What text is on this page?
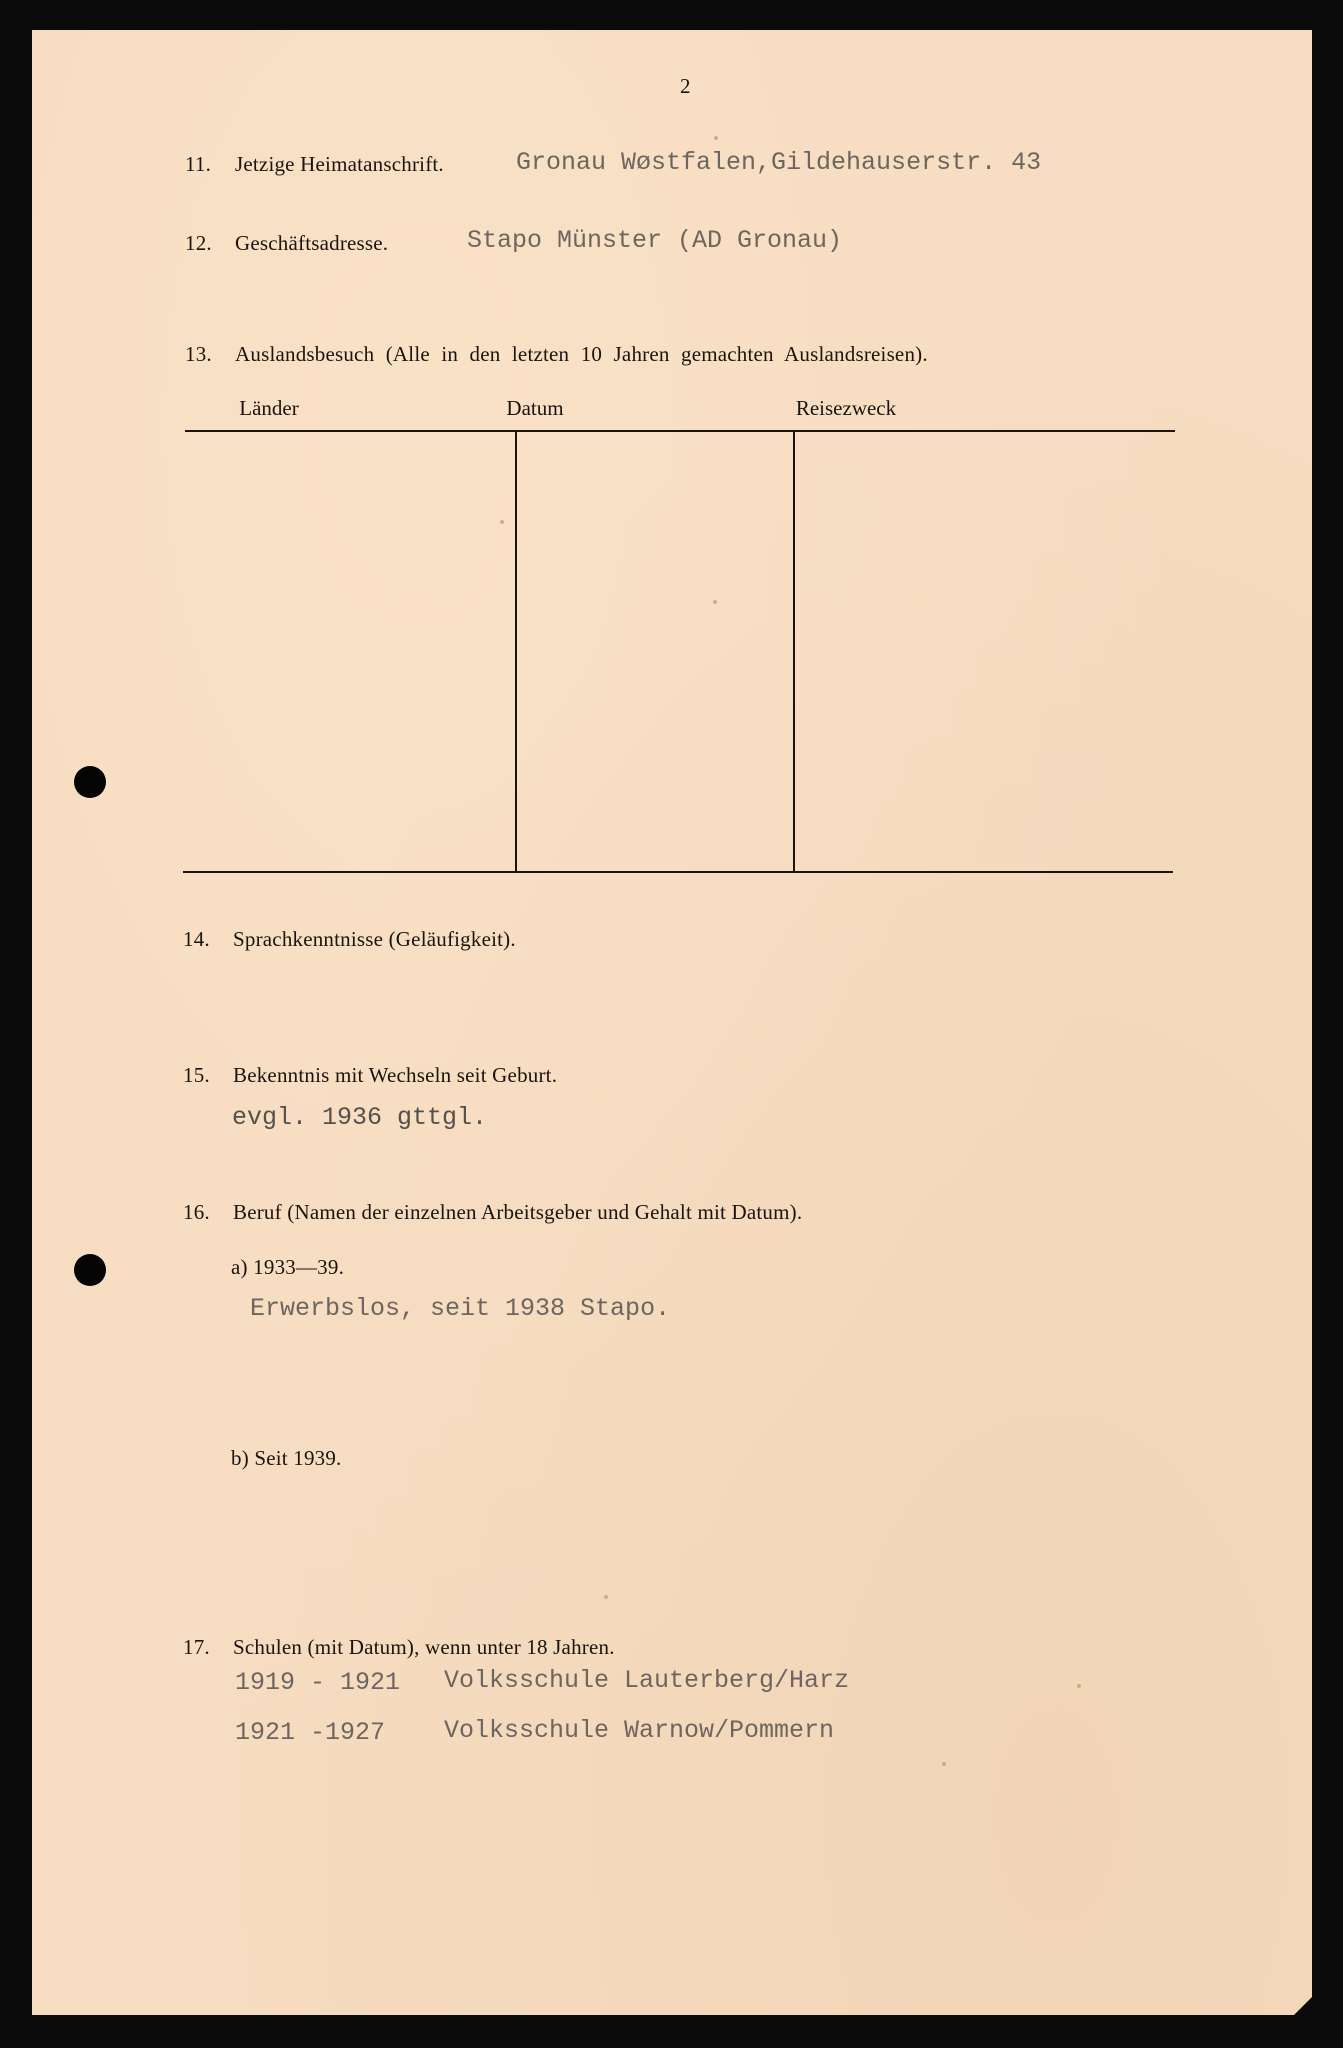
2
11. Jetzige Heimatanschrift.	Gronau Wøstfalen,Gildehauserstr. 43
12. Geschäftsadresse.	Stapo Münster (AD Gronau)
13. Auslandsbesuch (Alle in den letzten 10 Jahren gemachten Auslandsreisen).
Länder	Datum	Reisezweck
14. Sprachkenntnisse (Geläufigkeit).
15. Bekenntnis mit Wechseln seit Geburt.
evgl. 1936 gttgl.
16. Beruf (Namen der einzelnen Arbeitsgeber und Gehalt mit Datum).
a) 1933—39.
Erwerbslos, seit 1938 Stapo.
b) Seit 1939.
17. Schulen (mit Datum), wenn unter 18 Jahren.
1919 - 1921 Volksschule Lauterberg/Harz
1921 -1927 Volksschule Warnow/Pommern
